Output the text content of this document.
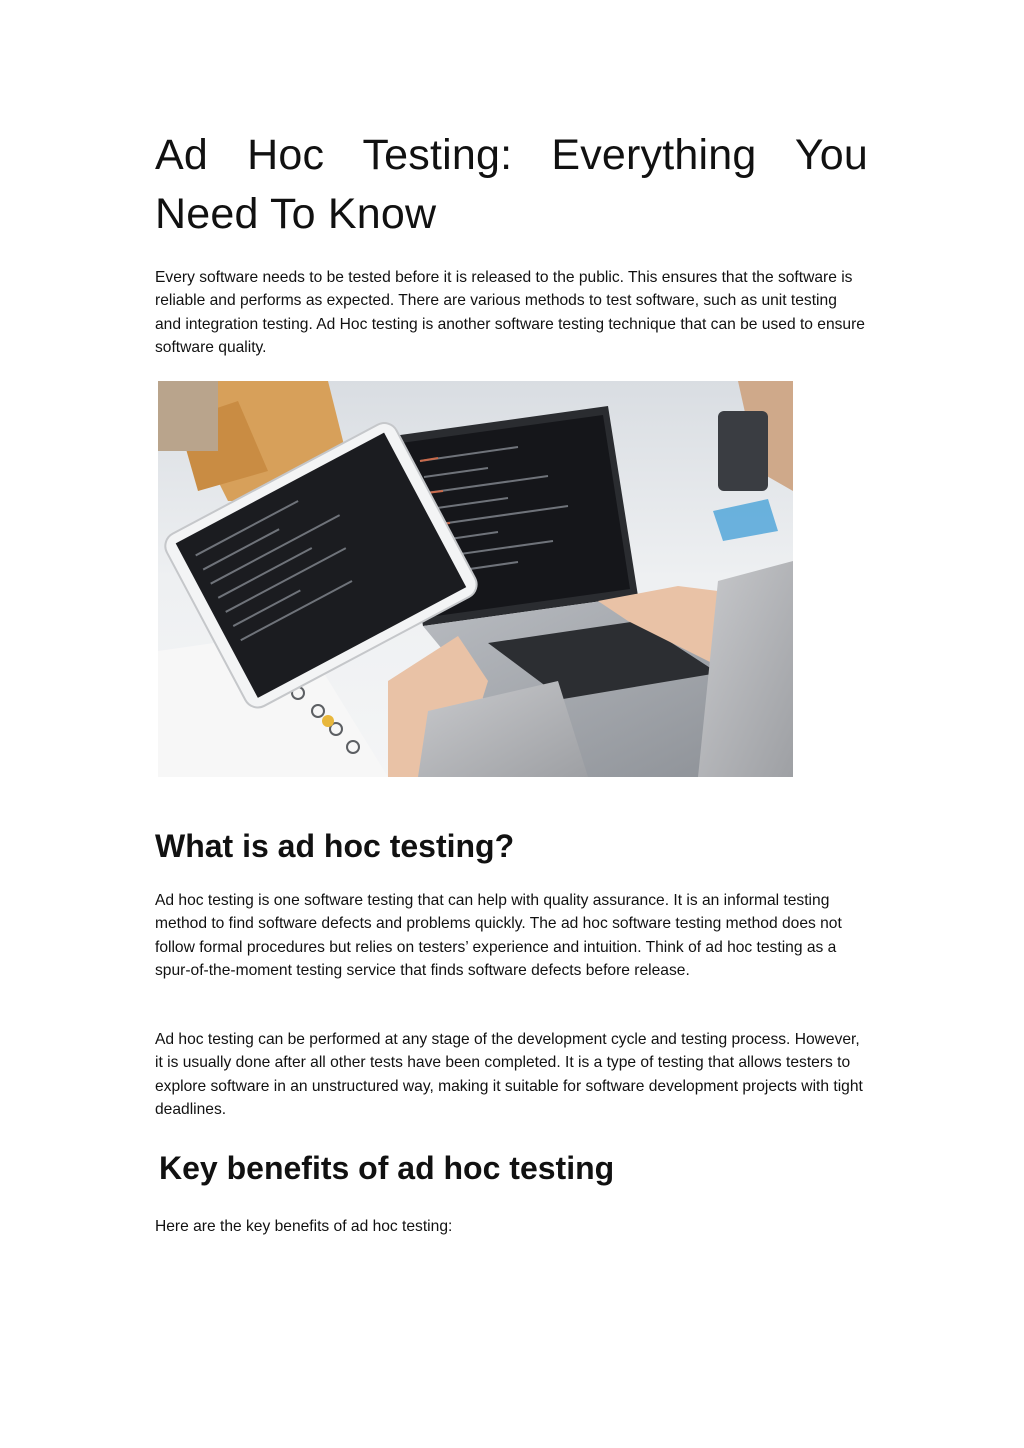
Ad Hoc Testing: Everything You
Need To Know

Every software needs to be tested before it is released to the public. This ensures that the software is reliable and performs as expected. There are various methods to test software, such as unit testing and integration testing. Ad Hoc testing is another software testing technique that can be used to ensure software quality.

What is ad hoc testing?

Ad hoc testing is one software testing that can help with quality assurance. It is an informal testing method to find software defects and problems quickly. The ad hoc software testing method does not follow formal procedures but relies on testers’ experience and intuition. Think of ad hoc testing as a spur-of-the-moment testing service that finds software defects before release.

Ad hoc testing can be performed at any stage of the development cycle and testing process. However, it is usually done after all other tests have been completed. It is a type of testing that allows testers to explore software in an unstructured way, making it suitable for software development projects with tight deadlines.

Key benefits of ad hoc testing

Here are the key benefits of ad hoc testing:
